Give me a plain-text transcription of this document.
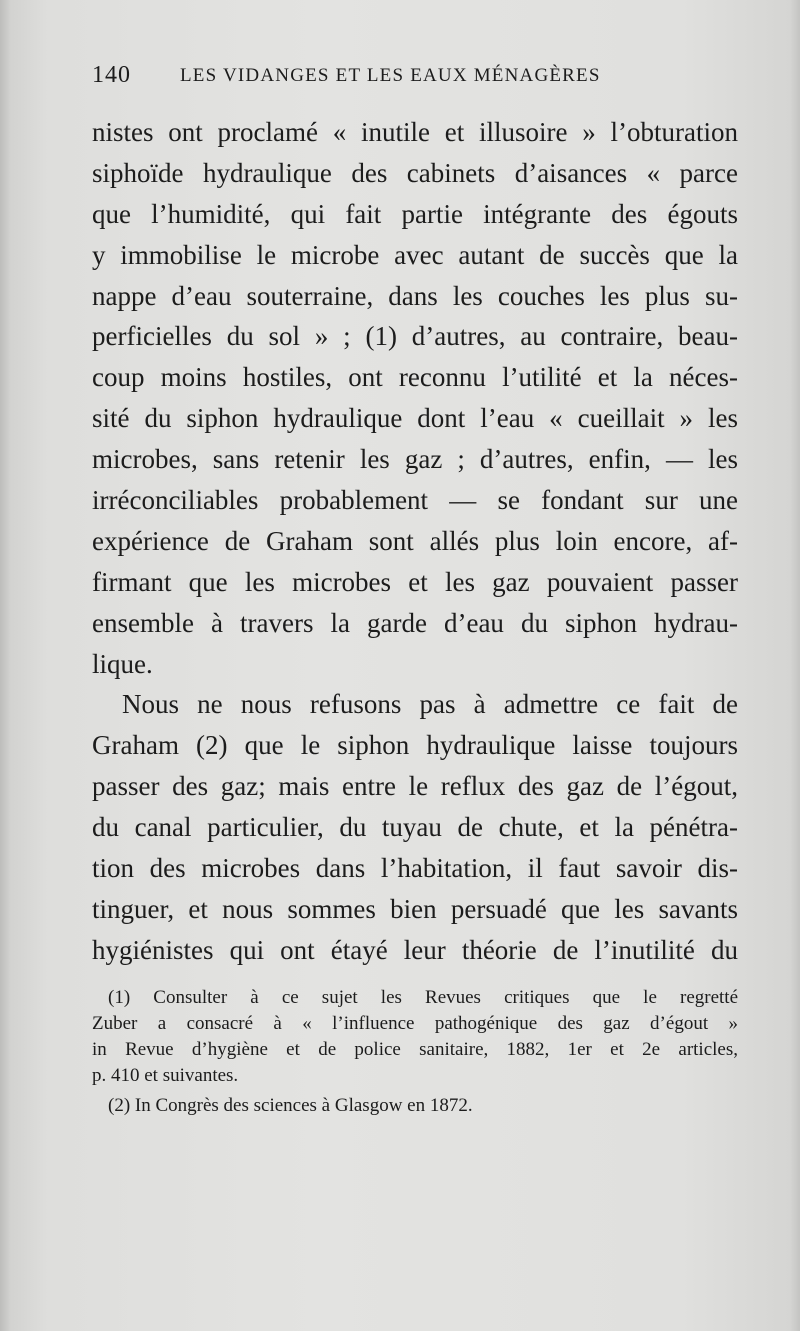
140	LES VIDANGES ET LES EAUX MÉNAGÈRES
nistes ont proclamé « inutile et illusoire » l’obturation
siphoïde hydraulique des cabinets d’aisances « parce
que l’humidité, qui fait partie intégrante des égouts
y immobilise le microbe avec autant de succès que la
nappe d’eau souterraine, dans les couches les plus su-
perficielles du sol » ; (1) d’autres, au contraire, beau-
coup moins hostiles, ont reconnu l’utilité et la néces-
sité du siphon hydraulique dont l’eau « cueillait » les
microbes, sans retenir les gaz ; d’autres, enfin, — les
irréconciliables probablement — se fondant sur une
expérience de Graham sont allés plus loin encore, af-
firmant que les microbes et les gaz pouvaient passer
ensemble à travers la garde d’eau du siphon hydrau-
lique.
Nous ne nous refusons pas à admettre ce fait de
Graham (2) que le siphon hydraulique laisse toujours
passer des gaz; mais entre le reflux des gaz de l’égout,
du canal particulier, du tuyau de chute, et la pénétra-
tion des microbes dans l’habitation, il faut savoir dis-
tinguer, et nous sommes bien persuadé que les savants
hygiénistes qui ont étayé leur théorie de l’inutilité du
(1) Consulter à ce sujet les Revues critiques que le regretté
Zuber a consacré à « l’influence pathogénique des gaz d’égout »
in Revue d’hygiène et de police sanitaire, 1882, 1er et 2e articles,
p. 410 et suivantes.
(2) In Congrès des sciences à Glasgow en 1872.
